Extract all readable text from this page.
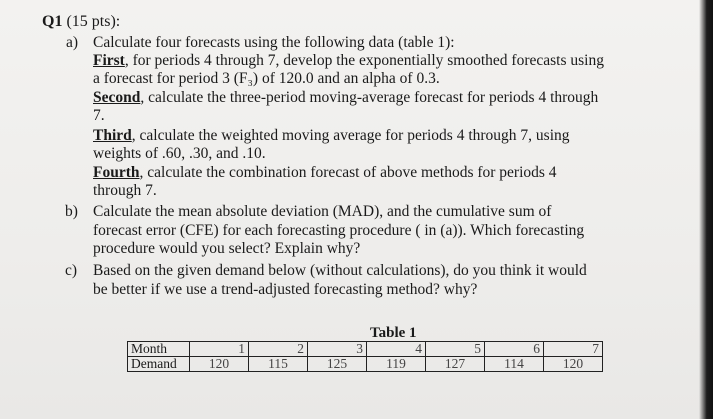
Q1 (15 pts):
a) Calculate four forecasts using the following data (table 1):
First, for periods 4 through 7, develop the exponentially smoothed forecasts using
a forecast for period 3 (F₃) of 120.0 and an alpha of 0.3.
Second, calculate the three-period moving-average forecast for periods 4 through
7.
Third, calculate the weighted moving average for periods 4 through 7, using
weights of .60, .30, and .10.
Fourth, calculate the combination forecast of above methods for periods 4
through 7.
b) Calculate the mean absolute deviation (MAD), and the cumulative sum of
forecast error (CFE) for each forecasting procedure ( in (a)). Which forecasting
procedure would you select? Explain why?
c) Based on the given demand below (without calculations), do you think it would
be better if we use a trend-adjusted forecasting method? why?
Table 1
Month	1	2	3	4	5	6	7
Demand	120	115	125	119	127	114	120
